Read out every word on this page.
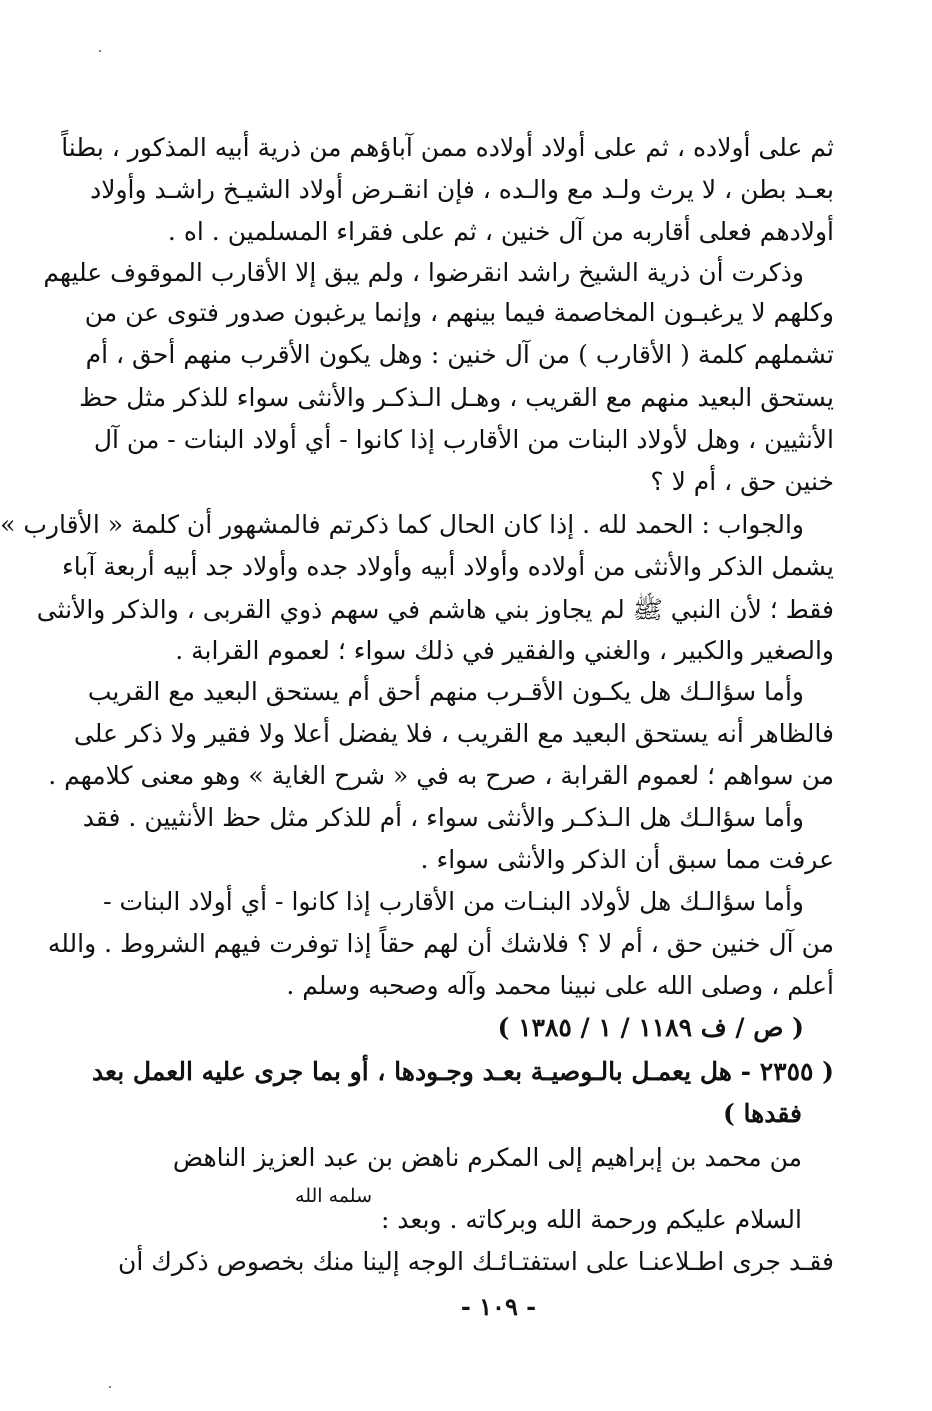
ثم على أولاده ، ثم على أولاد أولاده ممن آباؤهم من ذرية أبيه المذكور ، بطناً
بعـد بطن ، لا يرث ولـد مع والـده ، فإن انقـرض أولاد الشيـخ راشـد وأولاد
أولادهم فعلى أقاربه من آل خنين ، ثم على فقراء المسلمين . اه .
وذكرت أن ذرية الشيخ راشد انقرضوا ، ولم يبق إلا الأقارب الموقوف عليهم
وكلهم لا يرغبـون المخاصمة فيما بينهم ، وإنما يرغبون صدور فتوى عن من
تشملهم كلمة ( الأقارب ) من آل خنين : وهل يكون الأقرب منهم أحق ، أم
يستحق البعيد منهم مع القريب ، وهـل الـذكـر والأنثى سواء للذكر مثل حظ
الأنثيين ، وهل لأولاد البنات من الأقارب إذا كانوا - أي أولاد البنات - من آل
خنين حق ، أم لا ؟
والجواب : الحمد لله . إذا كان الحال كما ذكرتم فالمشهور أن كلمة « الأقارب »
يشمل الذكر والأنثى من أولاده وأولاد أبيه وأولاد جده وأولاد جد أبيه أربعة آباء
فقط ؛ لأن النبي ﷺ لم يجاوز بني هاشم في سهم ذوي القربى ، والذكر والأنثى
والصغير والكبير ، والغني والفقير في ذلك سواء ؛ لعموم القرابة .
وأما سؤالـك هل يكـون الأقـرب منهم أحق أم يستحق البعيد مع القريب
فالظاهر أنه يستحق البعيد مع القريب ، فلا يفضل أعلا ولا فقير ولا ذكر على
من سواهم ؛ لعموم القرابة ، صرح به في « شرح الغاية » وهو معنى كلامهم .
وأما سؤالـك هل الـذكـر والأنثى سواء ، أم للذكر مثل حظ الأنثيين . فقد
عرفت مما سبق أن الذكر والأنثى سواء .
وأما سؤالـك هل لأولاد البنـات من الأقارب إذا كانوا - أي أولاد البنات -
من آل خنين حق ، أم لا ؟ فلاشك أن لهم حقاً إذا توفرت فيهم الشروط . والله
أعلم ، وصلى الله على نبينا محمد وآله وصحبه وسلم .
( ص / ف ١١٨٩ / ١ / ١٣٨٥ )
( ٢٣٥٥ - هل يعمـل بالـوصيـة بعـد وجـودها ، أو بما جرى عليه العمل بعد
فقدها )
من محمد بن إبراهيم إلى المكرم ناهض بن عبد العزيز الناهض
سلمه الله
السلام عليكم ورحمة الله وبركاته . وبعد :
فقـد جرى اطـلاعنـا على استفتـائـك الوجه إلينا منك بخصوص ذكرك أن
- ١٠٩ -
